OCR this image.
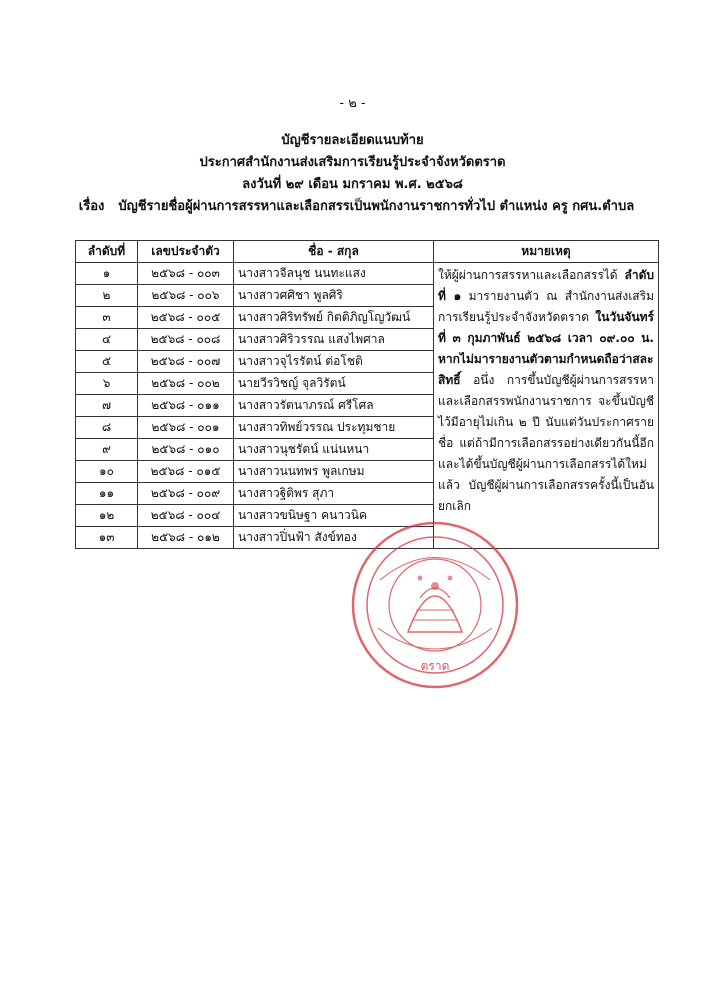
- ๒ -
บัญชีรายละเอียดแนบท้าย
ประกาศสำนักงานส่งเสริมการเรียนรู้ประจำจังหวัดตราด
ลงวันที่ ๒๙ เดือน มกราคม พ.ศ. ๒๕๖๘
เรื่อง บัญชีรายชื่อผู้ผ่านการสรรหาและเลือกสรรเป็นพนักงานราชการทั่วไป ตำแหน่ง ครู กศน.ตำบล
ลำดับที่	เลขประจำตัว	ชื่อ - สกุล	หมายเหตุ
๑	๒๕๖๘ - ๐๐๓	นางสาวจีลนุช นนทะแสง	ให้ผู้ผ่านการสรรหาและเลือกสรรได้ ลำดับที่ ๑ มารายงานตัว ณ สำนักงานส่งเสริมการเรียนรู้ประจำจังหวัดตราด ในวันจันทร์ที่ ๓ กุมภาพันธ์ ๒๕๖๘ เวลา ๐๙.๐๐ น. หากไม่มารายงานตัวตามกำหนดถือว่าสละสิทธิ์ อนึ่ง การขึ้นบัญชีผู้ผ่านการสรรหาและเลือกสรรพนักงานราชการ จะขึ้นบัญชีไว้มีอายุไม่เกิน ๒ ปี นับแต่วันประกาศรายชื่อ แต่ถ้ามีการเลือกสรรอย่างเดียวกันนี้อีก และได้ขึ้นบัญชีผู้ผ่านการเลือกสรรได้ใหม่แล้ว บัญชีผู้ผ่านการเลือกสรรครั้งนี้เป็นอันยกเลิก
๒	๒๕๖๘ - ๐๐๖	นางสาวศศิชา พูลศิริ	
๓	๒๕๖๘ - ๐๐๕	นางสาวศิริทรัพย์ กิตติภิญโญวัฒน์	
๔	๒๕๖๘ - ๐๐๘	นางสาวศิริวรรณ แสงไพศาล	
๕	๒๕๖๘ - ๐๐๗	นางสาวจุไรรัตน์ ต่อโชติ	
๖	๒๕๖๘ - ๐๐๒	นายวีรวิชญ์ จุลวิรัตน์	
๗	๒๕๖๘ - ๐๑๑	นางสาวรัตนาภรณ์ ศรีโศล	
๘	๒๕๖๘ - ๐๐๑	นางสาวทิพย์วรรณ ประทุมชาย	
๙	๒๕๖๘ - ๐๑๐	นางสาวนุชรัตน์ แน่นหนา	
๑๐	๒๕๖๘ - ๐๑๕	นางสาวนนทพร พูลเกษม	
๑๑	๒๕๖๘ - ๐๐๙	นางสาวฐิติพร สุภา	
๑๒	๒๕๖๘ - ๐๐๔	นางสาวขนิษฐา คนาวนิค	
๑๓	๒๕๖๘ - ๐๑๒	นางสาวปิ่นฟ้า สังข์ทอง	
ตราด
